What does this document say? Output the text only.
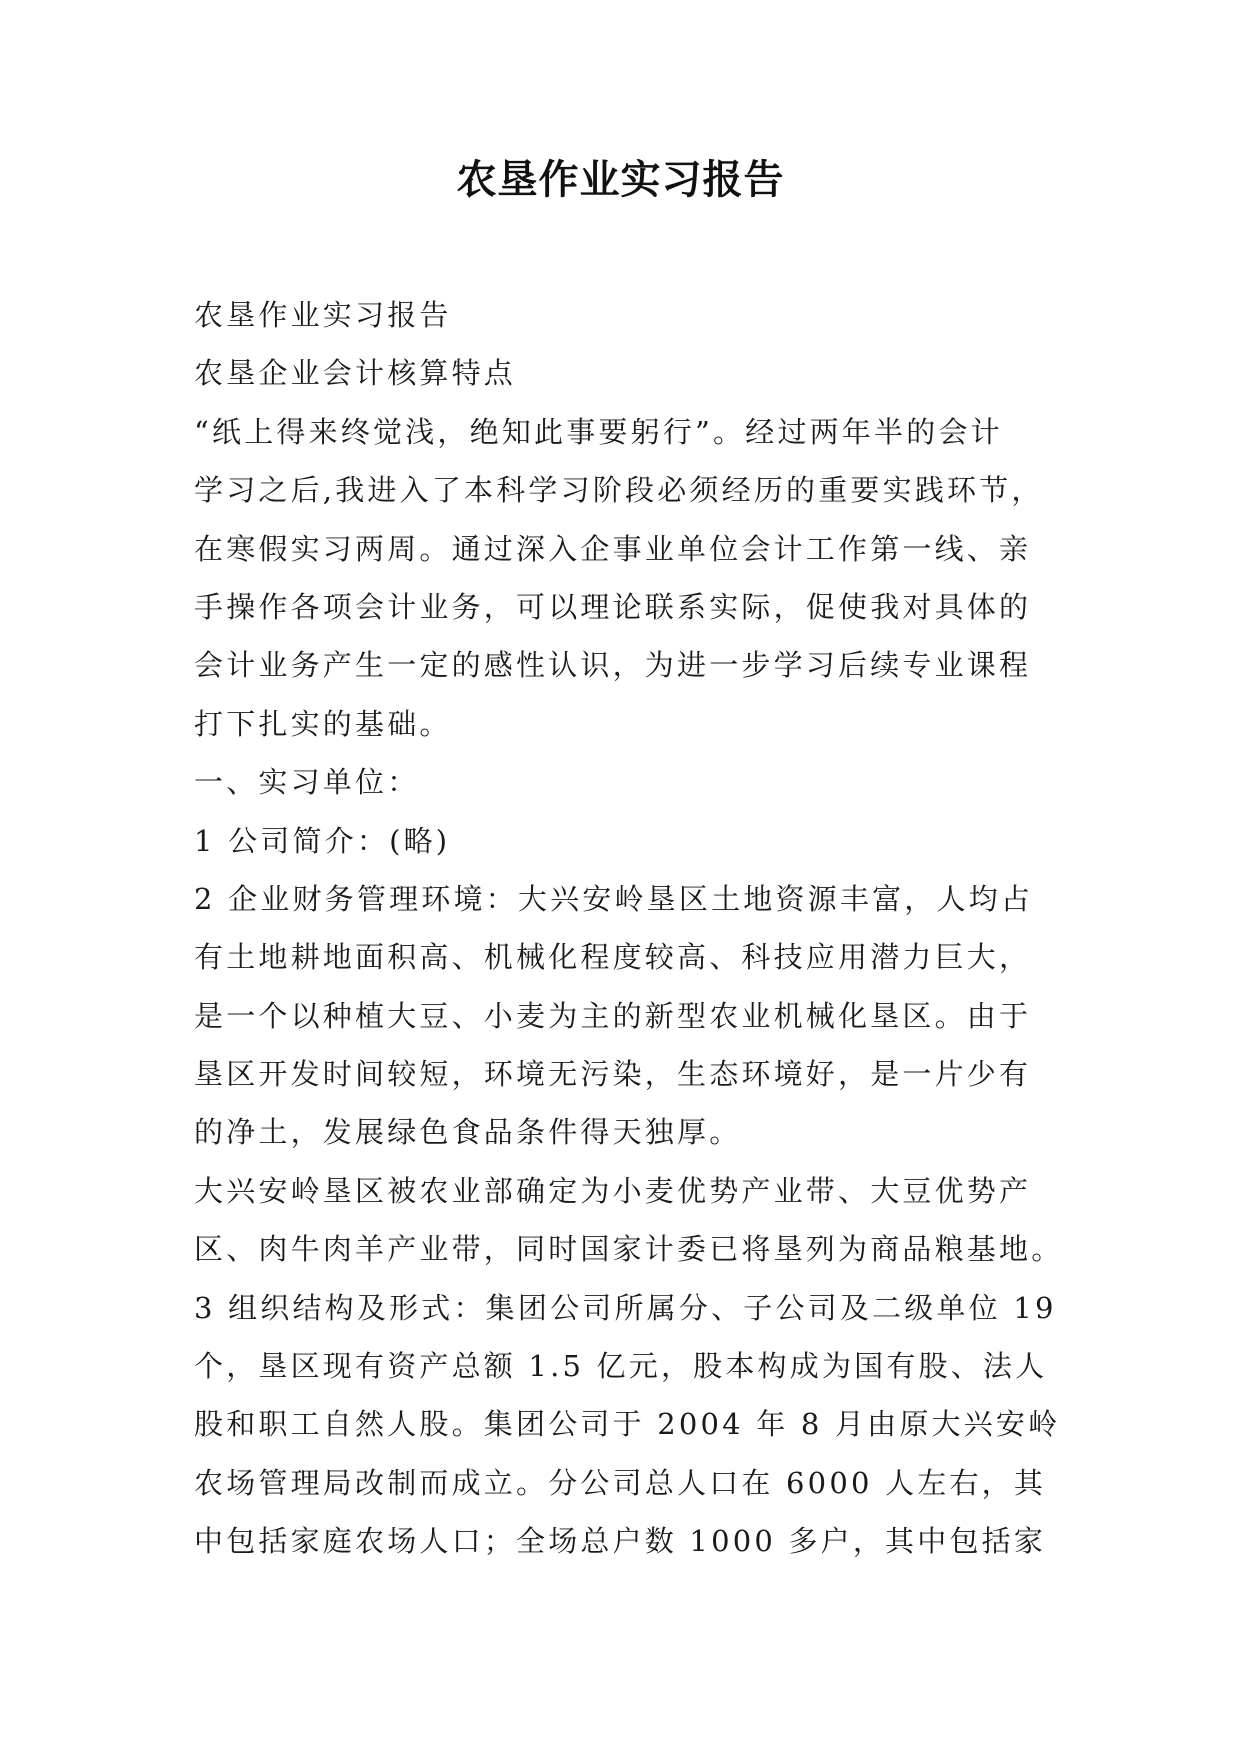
农垦作业实习报告
农垦作业实习报告
农垦企业会计核算特点
“纸上得来终觉浅，绝知此事要躬行”。经过两年半的会计
学习之后,我进入了本科学习阶段必须经历的重要实践环节，
在寒假实习两周。通过深入企事业单位会计工作第一线、亲
手操作各项会计业务，可以理论联系实际，促使我对具体的
会计业务产生一定的感性认识，为进一步学习后续专业课程
打下扎实的基础。
一、实习单位：
1 公司简介：(略)
2 企业财务管理环境：大兴安岭垦区土地资源丰富，人均占
有土地耕地面积高、机械化程度较高、科技应用潜力巨大，
是一个以种植大豆、小麦为主的新型农业机械化垦区。由于
垦区开发时间较短，环境无污染，生态环境好，是一片少有
的净土，发展绿色食品条件得天独厚。
大兴安岭垦区被农业部确定为小麦优势产业带、大豆优势产
区、肉牛肉羊产业带，同时国家计委已将垦列为商品粮基地。
3 组织结构及形式：集团公司所属分、子公司及二级单位 19
个，垦区现有资产总额 1.5 亿元，股本构成为国有股、法人
股和职工自然人股。集团公司于 2004 年 8 月由原大兴安岭
农场管理局改制而成立。分公司总人口在 6000 人左右，其
中包括家庭农场人口；全场总户数 1000 多户，其中包括家
